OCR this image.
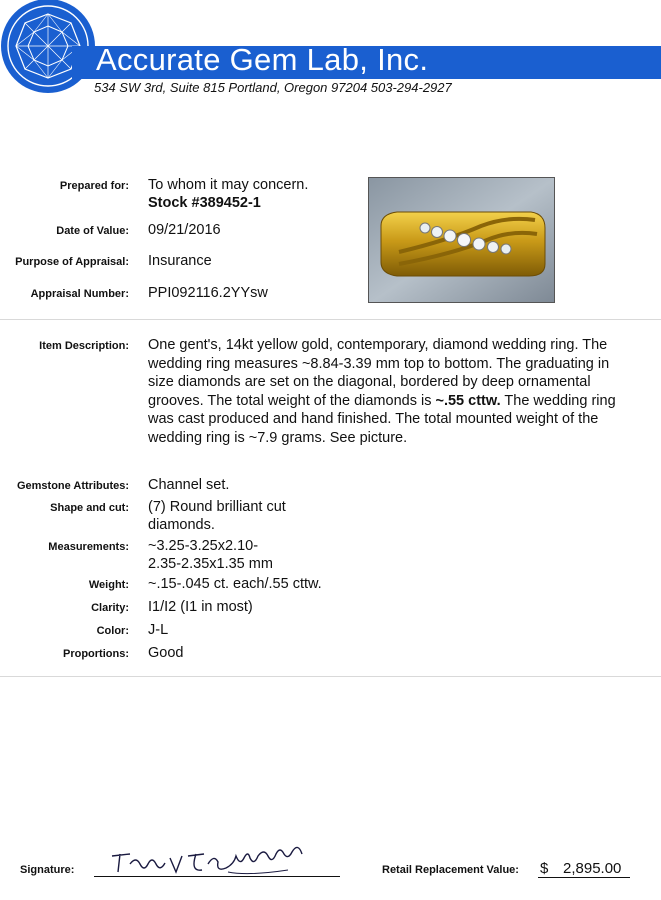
Accurate Gem Lab, Inc.
534 SW 3rd, Suite 815 Portland, Oregon 97204 503-294-2927
Prepared for: To whom it may concern.
Stock #389452-1
Date of Value: 09/21/2016
Purpose of Appraisal: Insurance
Appraisal Number: PPI092116.2YYsw
Item Description: One gent's, 14kt yellow gold, contemporary, diamond wedding ring. The
wedding ring measures ~8.84-3.39 mm top to bottom. The graduating in
size diamonds are set on the diagonal, bordered by deep ornamental
grooves. The total weight of the diamonds is ~.55 cttw. The wedding ring
was cast produced and hand finished. The total mounted weight of the
wedding ring is ~7.9 grams. See picture.
Gemstone Attributes: Channel set.
Shape and cut: (7) Round brilliant cut
diamonds.
Measurements: ~3.25-3.25x2.10-
2.35-2.35x1.35 mm
Weight: ~.15-.045 ct. each/.55 cttw.
Clarity: I1/I2 (I1 in most)
Color: J-L
Proportions: Good
Signature:	Retail Replacement Value: $ 2,895.00
